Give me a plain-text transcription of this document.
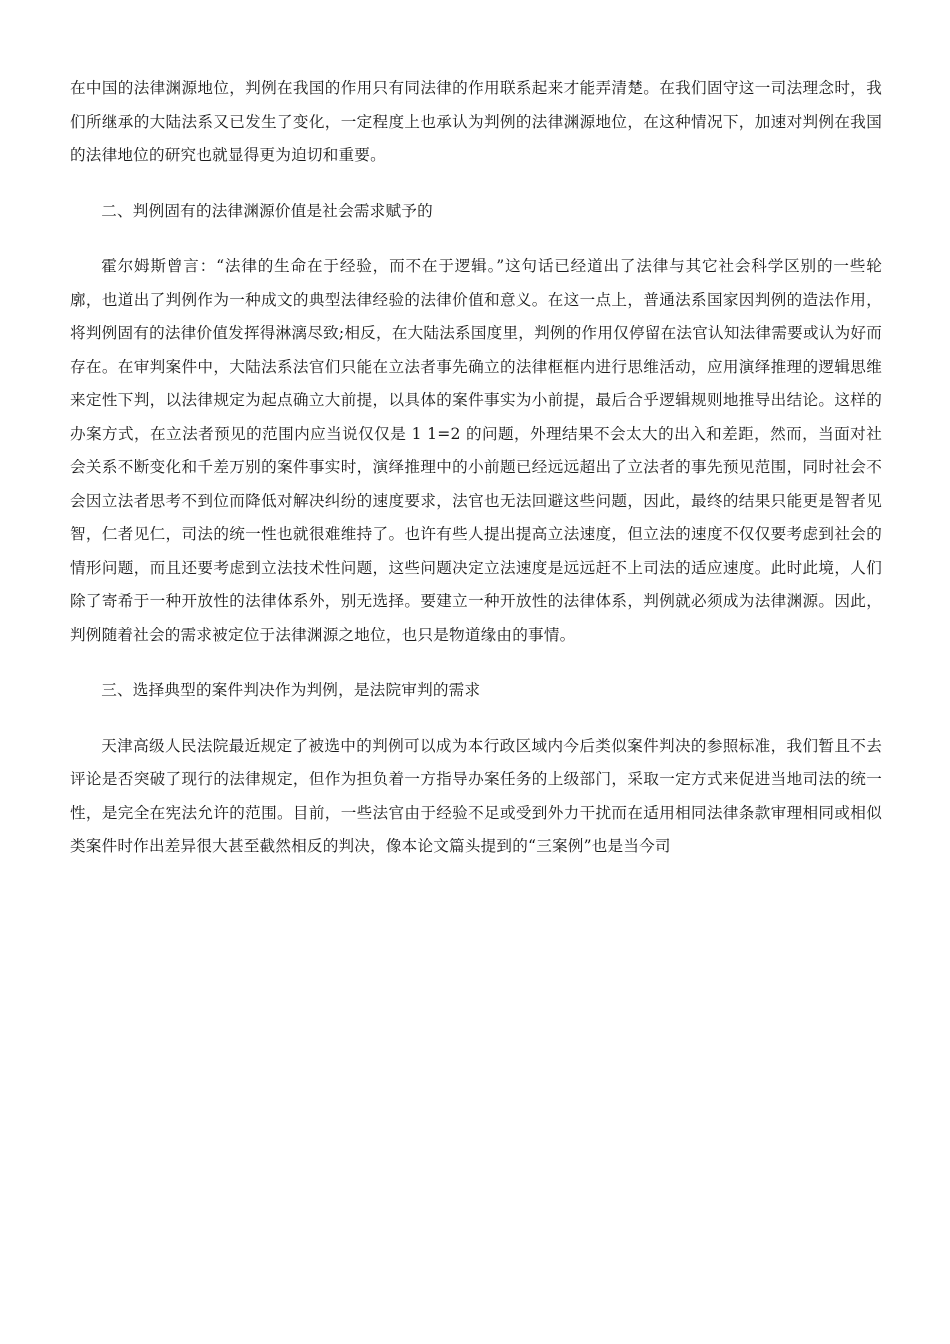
在中国的法律渊源地位，判例在我国的作用只有同法律的作用联系起来才能弄清楚。在我们固守这一司法理念时，我们所继承的大陆法系又已发生了变化，一定程度上也承认为判例的法律渊源地位，在这种情况下，加速对判例在我国的法律地位的研究也就显得更为迫切和重要。

二、判例固有的法律渊源价值是社会需求赋予的

霍尔姆斯曾言：“法律的生命在于经验，而不在于逻辑。”这句话已经道出了法律与其它社会科学区别的一些轮廓，也道出了判例作为一种成文的典型法律经验的法律价值和意义。在这一点上，普通法系国家因判例的造法作用，将判例固有的法律价值发挥得淋漓尽致;相反，在大陆法系国度里，判例的作用仅停留在法官认知法律需要或认为好而存在。在审判案件中，大陆法系法官们只能在立法者事先确立的法律框框内进行思维活动，应用演绎推理的逻辑思维来定性下判，以法律规定为起点确立大前提，以具体的案件事实为小前提，最后合乎逻辑规则地推导出结论。这样的办案方式，在立法者预见的范围内应当说仅仅是 1 1=2 的问题，外理结果不会太大的出入和差距，然而，当面对社会关系不断变化和千差万别的案件事实时，演绎推理中的小前题已经远远超出了立法者的事先预见范围，同时社会不会因立法者思考不到位而降低对解决纠纷的速度要求，法官也无法回避这些问题，因此，最终的结果只能更是智者见智，仁者见仁，司法的统一性也就很难维持了。也许有些人提出提高立法速度，但立法的速度不仅仅要考虑到社会的情形问题，而且还要考虑到立法技术性问题，这些问题决定立法速度是远远赶不上司法的适应速度。此时此境，人们除了寄希于一种开放性的法律体系外，别无选择。要建立一种开放性的法律体系，判例就必须成为法律渊源。因此，判例随着社会的需求被定位于法律渊源之地位，也只是物道缘由的事情。

三、选择典型的案件判决作为判例，是法院审判的需求

天津高级人民法院最近规定了被选中的判例可以成为本行政区域内今后类似案件判决的参照标准，我们暂且不去评论是否突破了现行的法律规定，但作为担负着一方指导办案任务的上级部门，采取一定方式来促进当地司法的统一性，是完全在宪法允许的范围。目前，一些法官由于经验不足或受到外力干扰而在适用相同法律条款审理相同或相似类案件时作出差异很大甚至截然相反的判决，像本论文篇头提到的“三案例”也是当今司
